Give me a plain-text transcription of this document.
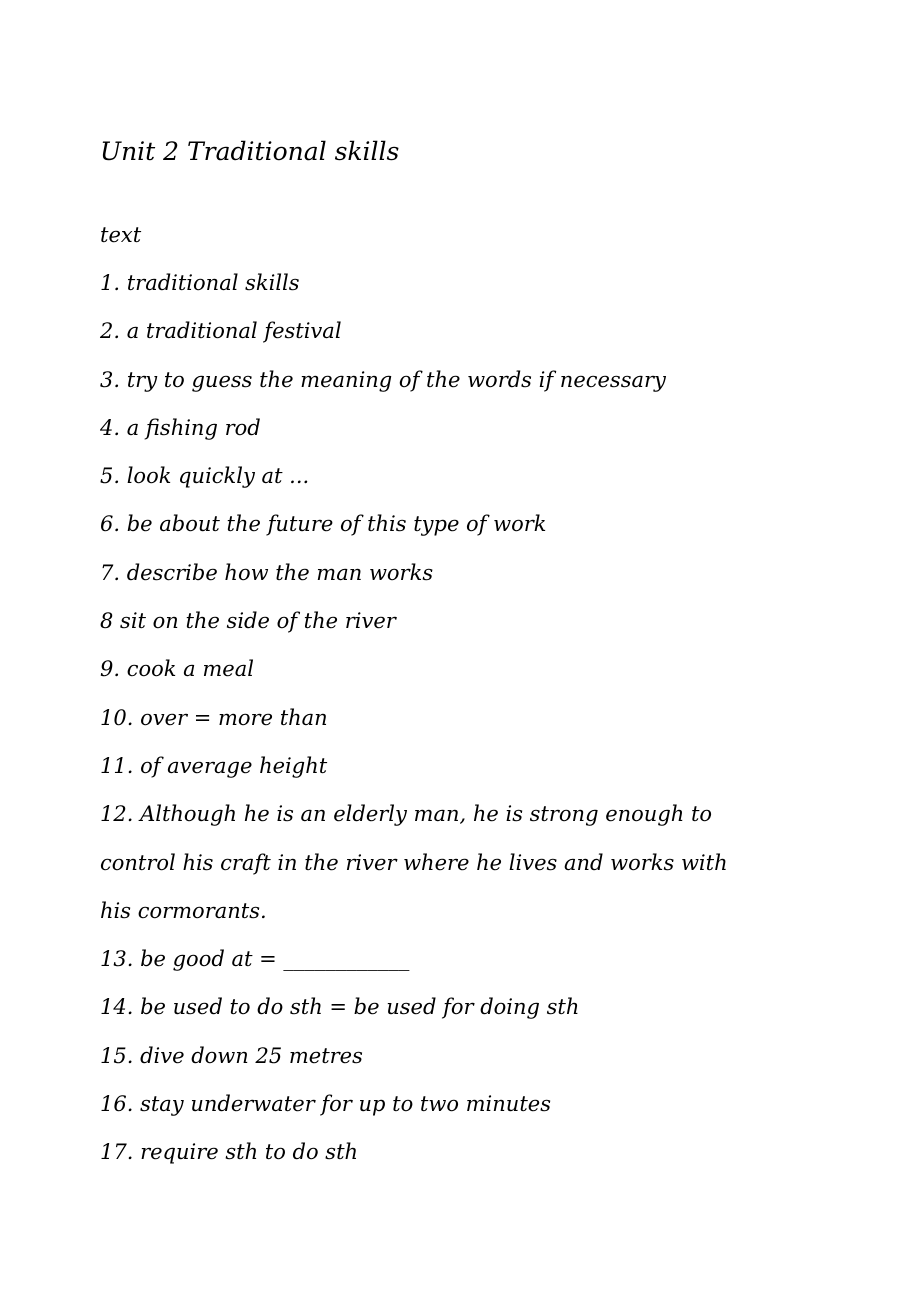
Unit 2 Traditional skills
text
1. traditional skills
2. a traditional festival
3. try to guess the meaning of the words if necessary
4. a fishing rod
5. look quickly at ...
6. be about the future of this type of work
7. describe how the man works
8 sit on the side of the river
9. cook a meal
10. over = more than
11. of average height
12. Although he is an elderly man, he is strong enough to
control his craft in the river where he lives and works with
his cormorants.
13. be good at = ____________
14. be used to do sth = be used for doing sth
15. dive down 25 metres
16. stay underwater for up to two minutes
17. require sth to do sth
